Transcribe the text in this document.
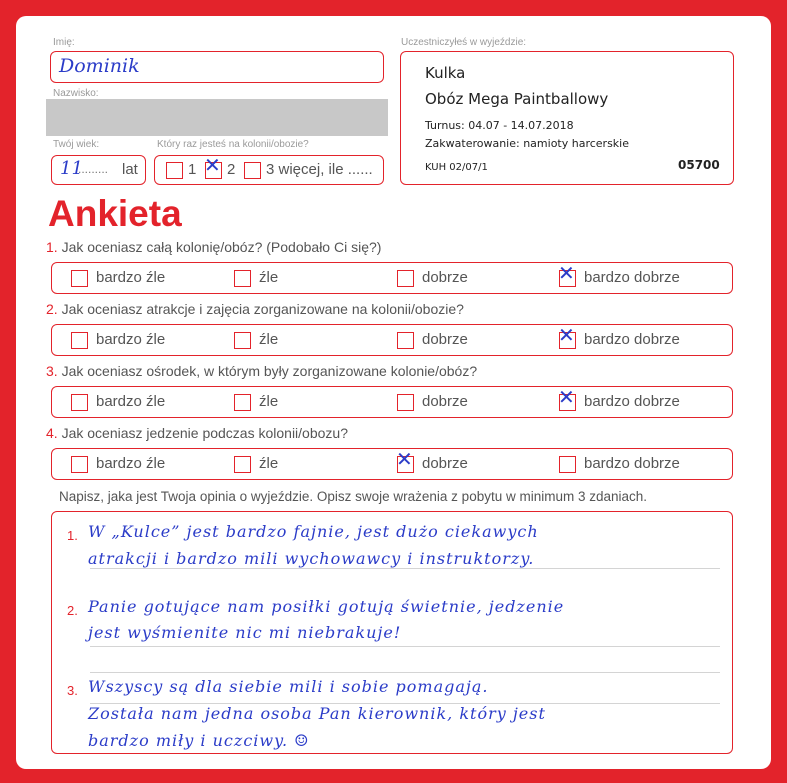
Imię:
Dominik
Nazwisko:
Twój wiek:
11
......... lat
Który raz jesteś na kolonii/obozie?
1 ✕ 2 3 więcej, ile ......
Uczestniczyłeś w wyjeździe:
Kulka
Obóz Mega Paintballowy
Turnus: 04.07 - 14.07.2018
Zakwaterowanie: namioty harcerskie
KUH 02/07/1	05700
Ankieta
1. Jak oceniasz całą kolonię/obóz? (Podobało Ci się?)
bardzo źle	źle	dobrze	✕ bardzo dobrze
2. Jak oceniasz atrakcje i zajęcia zorganizowane na kolonii/obozie?
bardzo źle	źle	dobrze	✕ bardzo dobrze
3. Jak oceniasz ośrodek, w którym były zorganizowane kolonie/obóz?
bardzo źle	źle	dobrze	✕ bardzo dobrze
4. Jak oceniasz jedzenie podczas kolonii/obozu?
bardzo źle	źle	✕ dobrze	bardzo dobrze
Napisz, jaka jest Twoja opinia o wyjeździe. Opisz swoje wrażenia z pobytu w minimum 3 zdaniach.
1. W „Kulce” jest bardzo fajnie, jest dużo ciekawych
atrakcji i bardzo mili wychowawcy i instruktorzy.
2. Panie gotujące nam posiłki gotują świetnie, jedzenie
jest wyśmienite nic mi niebrakuje!
3. Wszyscy są dla siebie mili i sobie pomagają.
Została nam jedna osoba Pan kierownik, który jest
bardzo miły i uczciwy. ☺
